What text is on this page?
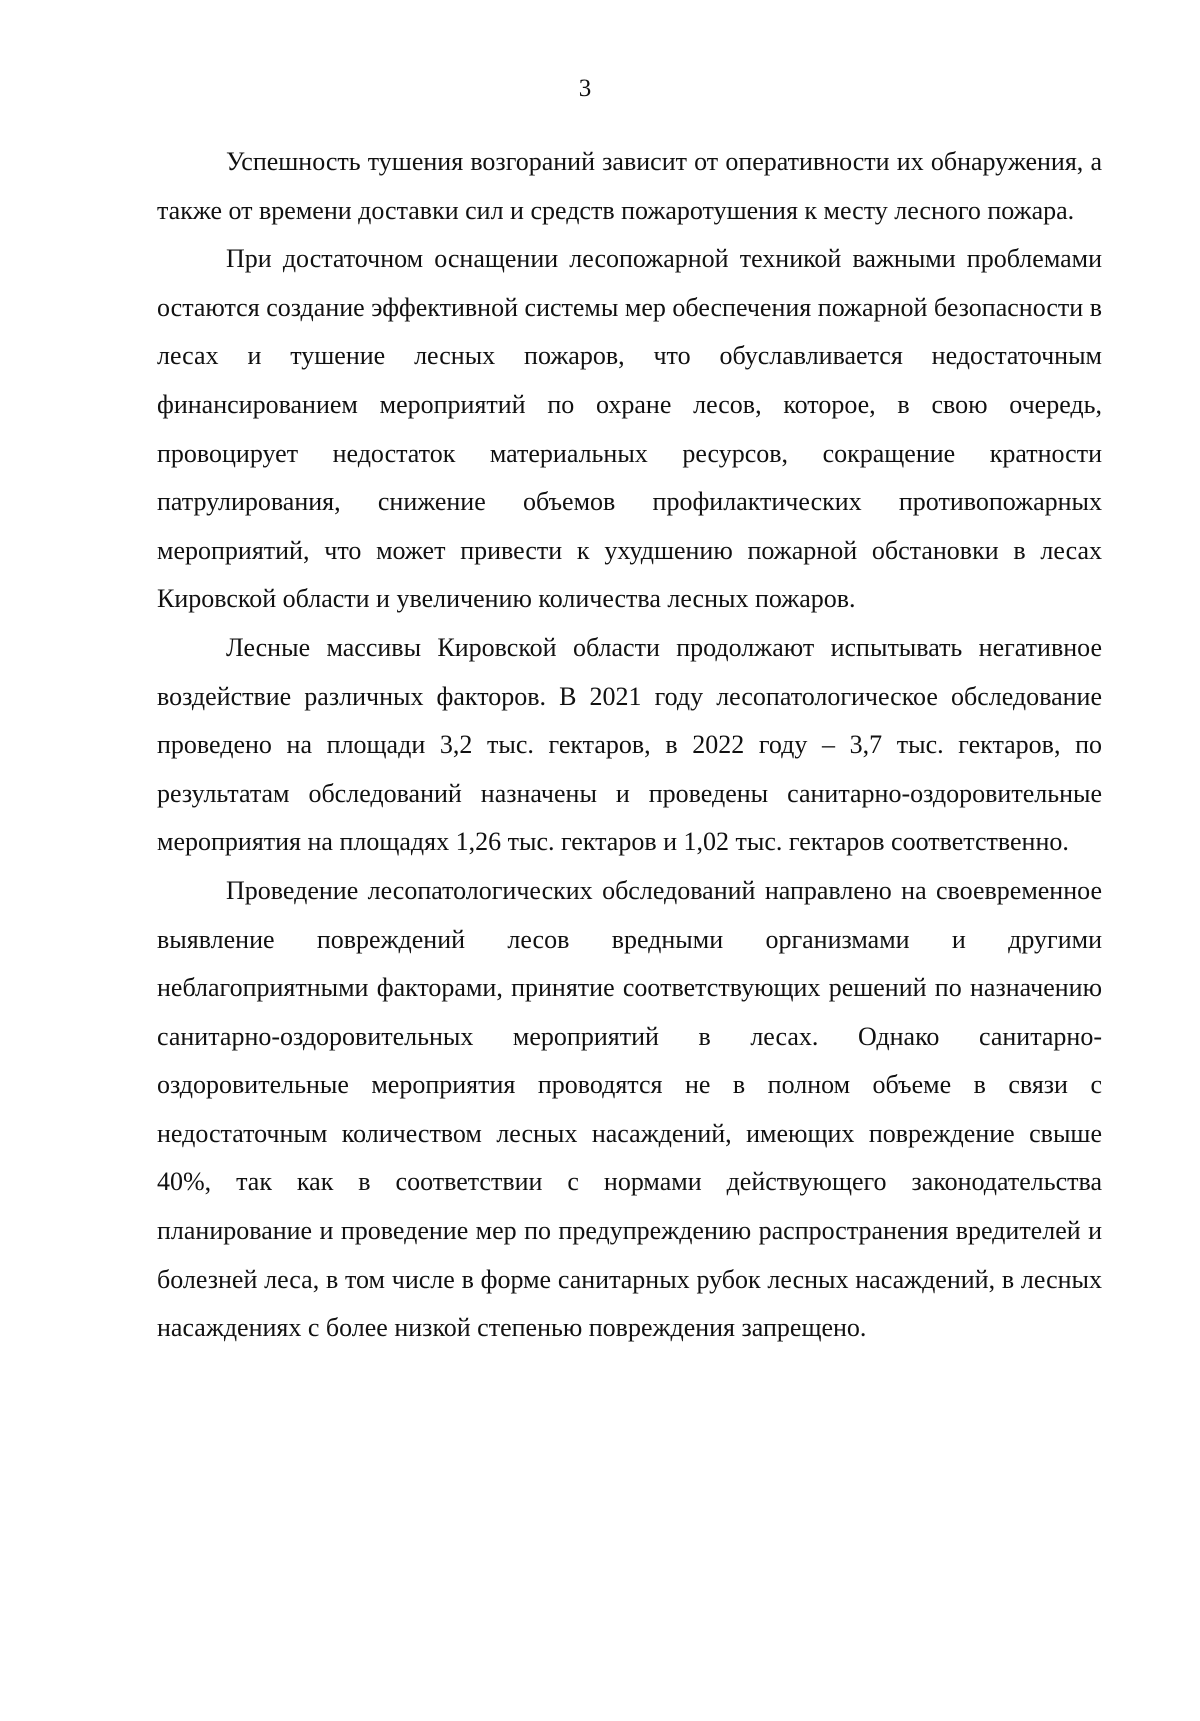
3

Успешность тушения возгораний зависит от оперативности их обнаружения, а также от времени доставки сил и средств пожаротушения к месту лесного пожара.

При достаточном оснащении лесопожарной техникой важными проблемами остаются создание эффективной системы мер обеспечения пожарной безопасности в лесах и тушение лесных пожаров, что обуславливается недостаточным финансированием мероприятий по охране лесов, которое, в свою очередь, провоцирует недостаток материальных ресурсов, сокращение кратности патрулирования, снижение объемов профилактических противопожарных мероприятий, что может привести к ухудшению пожарной обстановки в лесах Кировской области и увеличению количества лесных пожаров.

Лесные массивы Кировской области продолжают испытывать негативное воздействие различных факторов. В 2021 году лесопатологическое обследование проведено на площади 3,2 тыс. гектаров, в 2022 году – 3,7 тыс. гектаров, по результатам обследований назначены и проведены санитарно-оздоровительные мероприятия на площадях 1,26 тыс. гектаров и 1,02 тыс. гектаров соответственно.

Проведение лесопатологических обследований направлено на своевременное выявление повреждений лесов вредными организмами и другими неблагоприятными факторами, принятие соответствующих решений по назначению санитарно-оздоровительных мероприятий в лесах. Однако санитарно-оздоровительные мероприятия проводятся не в полном объеме в связи с недостаточным количеством лесных насаждений, имеющих повреждение свыше 40%, так как в соответствии с нормами действующего законодательства планирование и проведение мер по предупреждению распространения вредителей и болезней леса, в том числе в форме санитарных рубок лесных насаждений, в лесных насаждениях с более низкой степенью повреждения запрещено.
